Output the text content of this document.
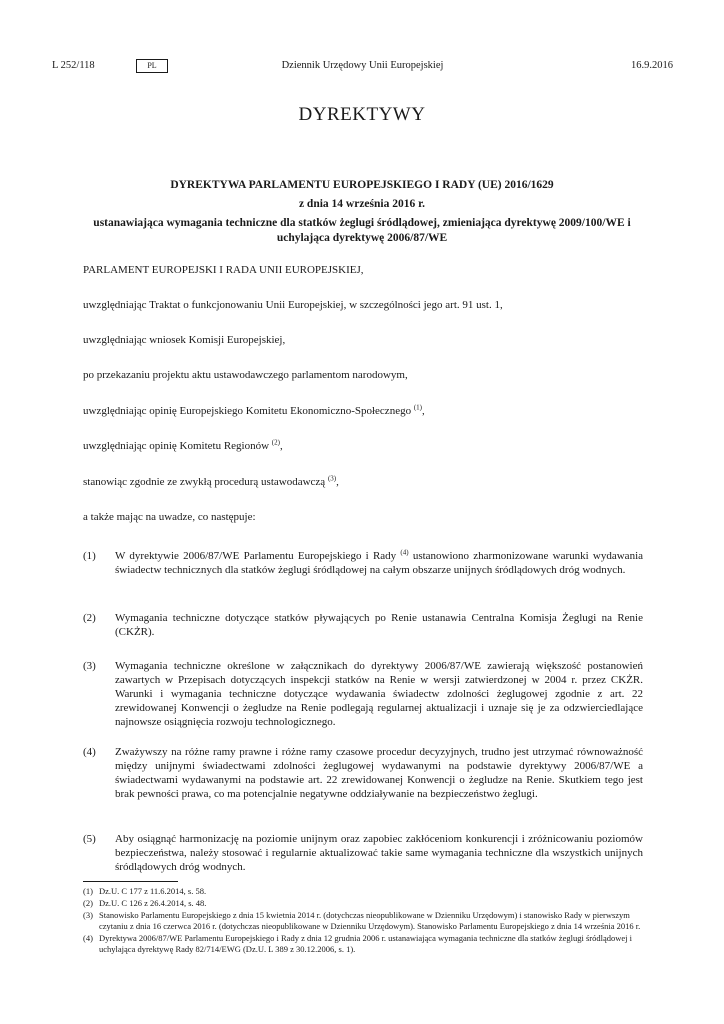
L 252/118	PL	Dziennik Urzędowy Unii Europejskiej	16.9.2016
DYREKTYWY
DYREKTYWA PARLAMENTU EUROPEJSKIEGO I RADY (UE) 2016/1629
z dnia 14 września 2016 r.
ustanawiająca wymagania techniczne dla statków żeglugi śródlądowej, zmieniająca dyrektywę 2009/100/WE i uchylająca dyrektywę 2006/87/WE

PARLAMENT EUROPEJSKI I RADA UNII EUROPEJSKIEJ,

uwzględniając Traktat o funkcjonowaniu Unii Europejskiej, w szczególności jego art. 91 ust. 1,

uwzględniając wniosek Komisji Europejskiej,

po przekazaniu projektu aktu ustawodawczego parlamentom narodowym,

uwzględniając opinię Europejskiego Komitetu Ekonomiczno-Społecznego $^{(1)}$,

uwzględniając opinię Komitetu Regionów $^{(2)}$,

stanowiąc zgodnie ze zwykłą procedurą ustawodawczą $^{(3)}$,

a także mając na uwadze, co następuje:

(1) W dyrektywie 2006/87/WE Parlamentu Europejskiego i Rady $^{(4)}$ ustanowiono zharmonizowane warunki wydawania świadectw technicznych dla statków żeglugi śródlądowej na całym obszarze unijnych śródlądowych dróg wodnych.
(2) Wymagania techniczne dotyczące statków pływających po Renie ustanawia Centralna Komisja Żeglugi na Renie (CKŻR).
(3) Wymagania techniczne określone w załącznikach do dyrektywy 2006/87/WE zawierają większość postanowień zawartych w Przepisach dotyczących inspekcji statków na Renie w wersji zatwierdzonej w 2004 r. przez CKŻR. Warunki i wymagania techniczne dotyczące wydawania świadectw zdolności żeglugowej zgodnie z art. 22 zrewidowanej Konwencji o żegludze na Renie podlegają regularnej aktualizacji i uznaje się je za odzwierciedlające najnowsze osiągnięcia rozwoju technologicznego.
(4) Zważywszy na różne ramy prawne i różne ramy czasowe procedur decyzyjnych, trudno jest utrzymać równoważność między unijnymi świadectwami zdolności żeglugowej wydawanymi na podstawie dyrektywy 2006/87/WE a świadectwami wydawanymi na podstawie art. 22 zrewidowanej Konwencji o żegludze na Renie. Skutkiem tego jest brak pewności prawa, co ma potencjalnie negatywne oddziaływanie na bezpieczeństwo żeglugi.
(5) Aby osiągnąć harmonizację na poziomie unijnym oraz zapobiec zakłóceniom konkurencji i zróżnicowaniu poziomów bezpieczeństwa, należy stosować i regularnie aktualizować takie same wymagania techniczne dla wszystkich unijnych śródlądowych dróg wodnych.
(1) Dz.U. C 177 z 11.6.2014, s. 58.
(2) Dz.U. C 126 z 26.4.2014, s. 48.
(3) Stanowisko Parlamentu Europejskiego z dnia 15 kwietnia 2014 r. (dotychczas nieopublikowane w Dzienniku Urzędowym) i stanowisko Rady w pierwszym czytaniu z dnia 16 czerwca 2016 r. (dotychczas nieopublikowane w Dzienniku Urzędowym). Stanowisko Parlamentu Europejskiego z dnia 14 września 2016 r.
(4) Dyrektywa 2006/87/WE Parlamentu Europejskiego i Rady z dnia 12 grudnia 2006 r. ustanawiająca wymagania techniczne dla statków żeglugi śródlądowej i uchylająca dyrektywę Rady 82/714/EWG (Dz.U. L 389 z 30.12.2006, s. 1).
